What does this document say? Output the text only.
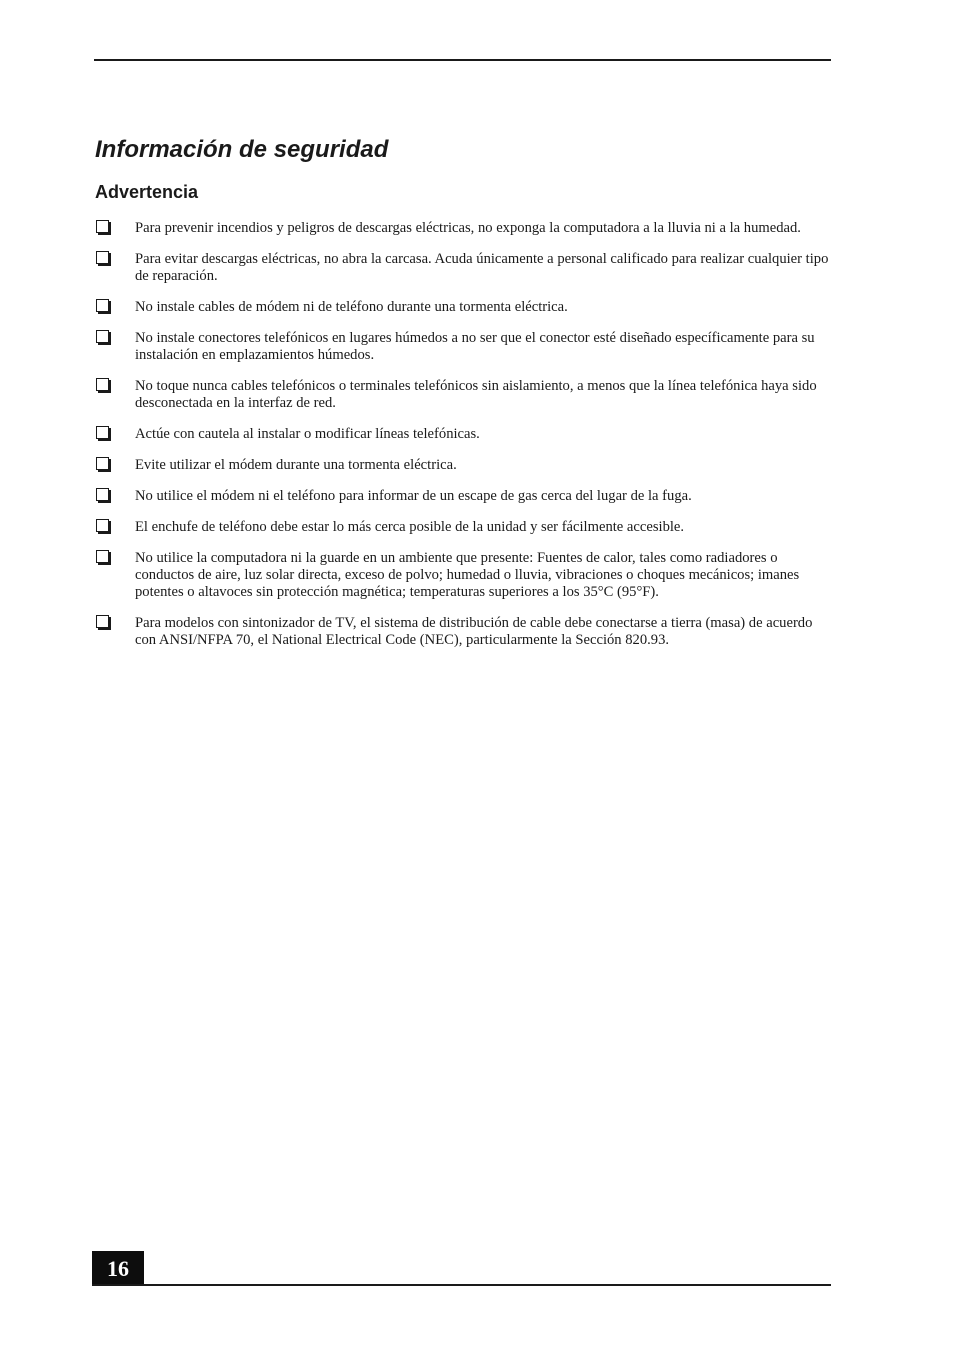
Información de seguridad
Advertencia
Para prevenir incendios y peligros de descargas eléctricas, no exponga la computadora a la lluvia ni a la humedad.
Para evitar descargas eléctricas, no abra la carcasa. Acuda únicamente a personal calificado para realizar cualquier tipo de reparación.
No instale cables de módem ni de teléfono durante una tormenta eléctrica.
No instale conectores telefónicos en lugares húmedos a no ser que el conector esté diseñado específicamente para su instalación en emplazamientos húmedos.
No toque nunca cables telefónicos o terminales telefónicos sin aislamiento, a menos que la línea telefónica haya sido desconectada en la interfaz de red.
Actúe con cautela al instalar o modificar líneas telefónicas.
Evite utilizar el módem durante una tormenta eléctrica.
No utilice el módem ni el teléfono para informar de un escape de gas cerca del lugar de la fuga.
El enchufe de teléfono debe estar lo más cerca posible de la unidad y ser fácilmente accesible.
No utilice la computadora ni la guarde en un ambiente que presente: Fuentes de calor, tales como radiadores o conductos de aire, luz solar directa, exceso de polvo; humedad o lluvia, vibraciones o choques mecánicos; imanes potentes o altavoces sin protección magnética; temperaturas superiores a los 35°C (95°F).
Para modelos con sintonizador de TV, el sistema de distribución de cable debe conectarse a tierra (masa) de acuerdo con ANSI/NFPA 70, el National Electrical Code (NEC), particularmente la Sección 820.93.
16
